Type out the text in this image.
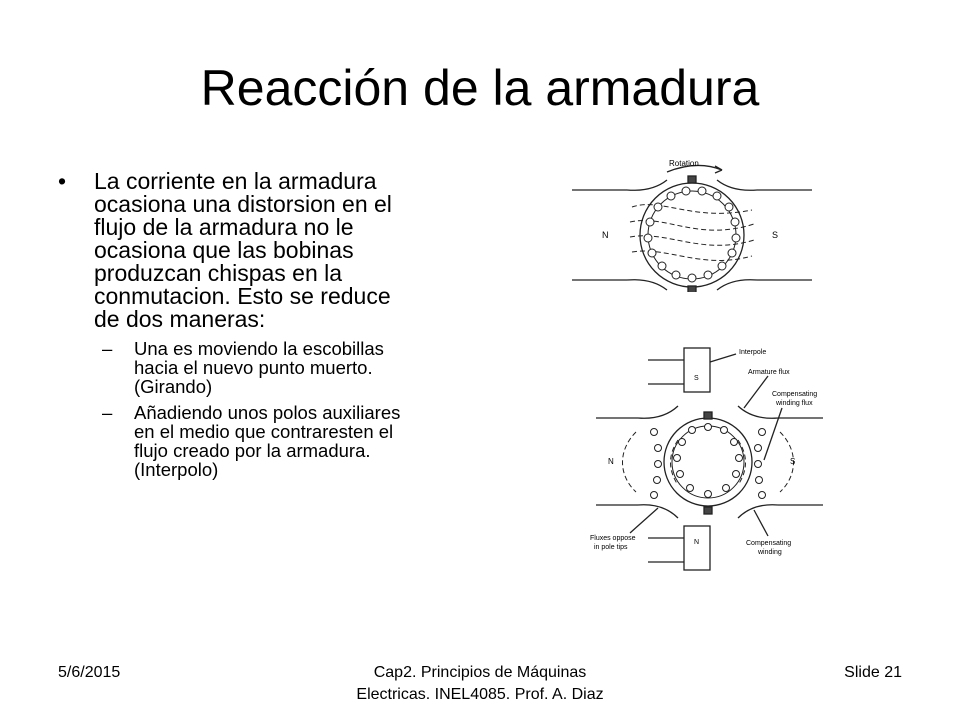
Reacción de la armadura
• La corriente en la armadura ocasiona una distorsion en el flujo de la armadura no le ocasiona que las bobinas produzcan chispas en la conmutacion. Esto se reduce de dos maneras:
– Una es moviendo la escobillas hacia el nuevo punto muerto.(Girando)
– Añadiendo unos polos auxiliares en el medio que contraresten el flujo creado por la armadura. (Interpolo)
Rotation
N	S
Interpole
Armature flux
Compensating
winding flux
N	S
S
N
Fluxes oppose
in pole tips
Compensating
winding
5/6/2015	Cap2. Principios de Máquinas
Electricas. INEL4085. Prof. A. Diaz
Slide 21
